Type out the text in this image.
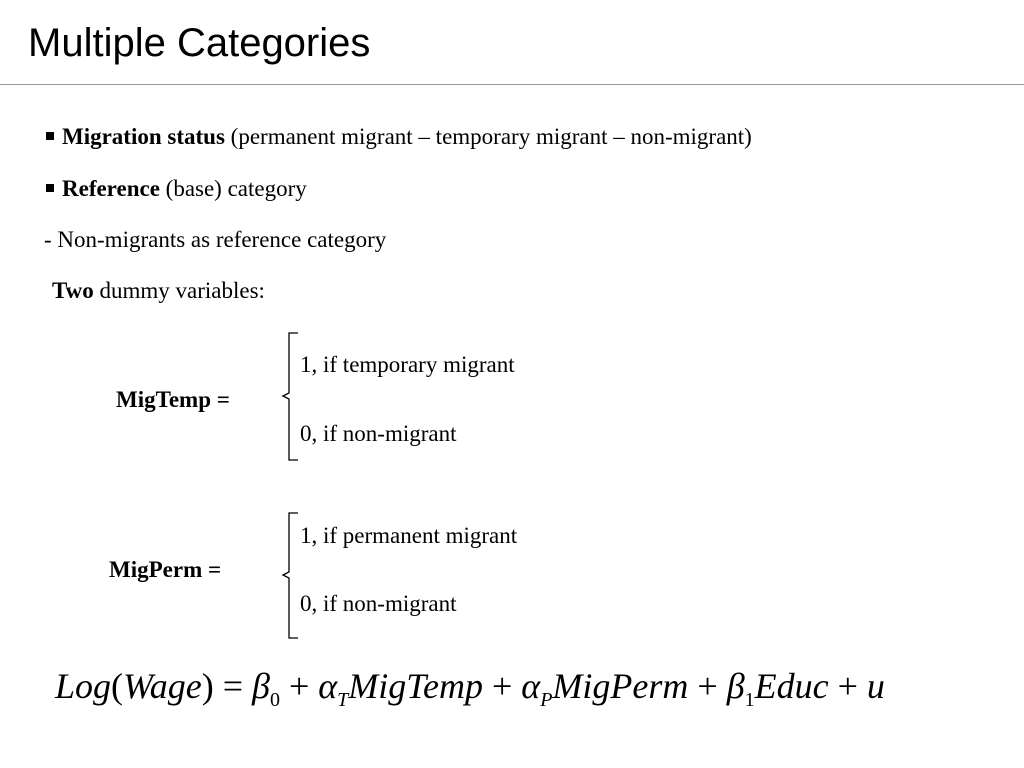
Multiple Categories
Migration status (permanent migrant – temporary migrant – non-migrant)
Reference (base) category
- Non-migrants as reference category
Two dummy variables:
MigTemp =
1, if temporary migrant
0, if non-migrant
MigPerm =
1, if permanent migrant
0, if non-migrant
Log(Wage) = $\beta_0$ + $\alpha_TMigTemp$ + $\alpha_PMigPerm$ + $\beta_1Educ + u$
